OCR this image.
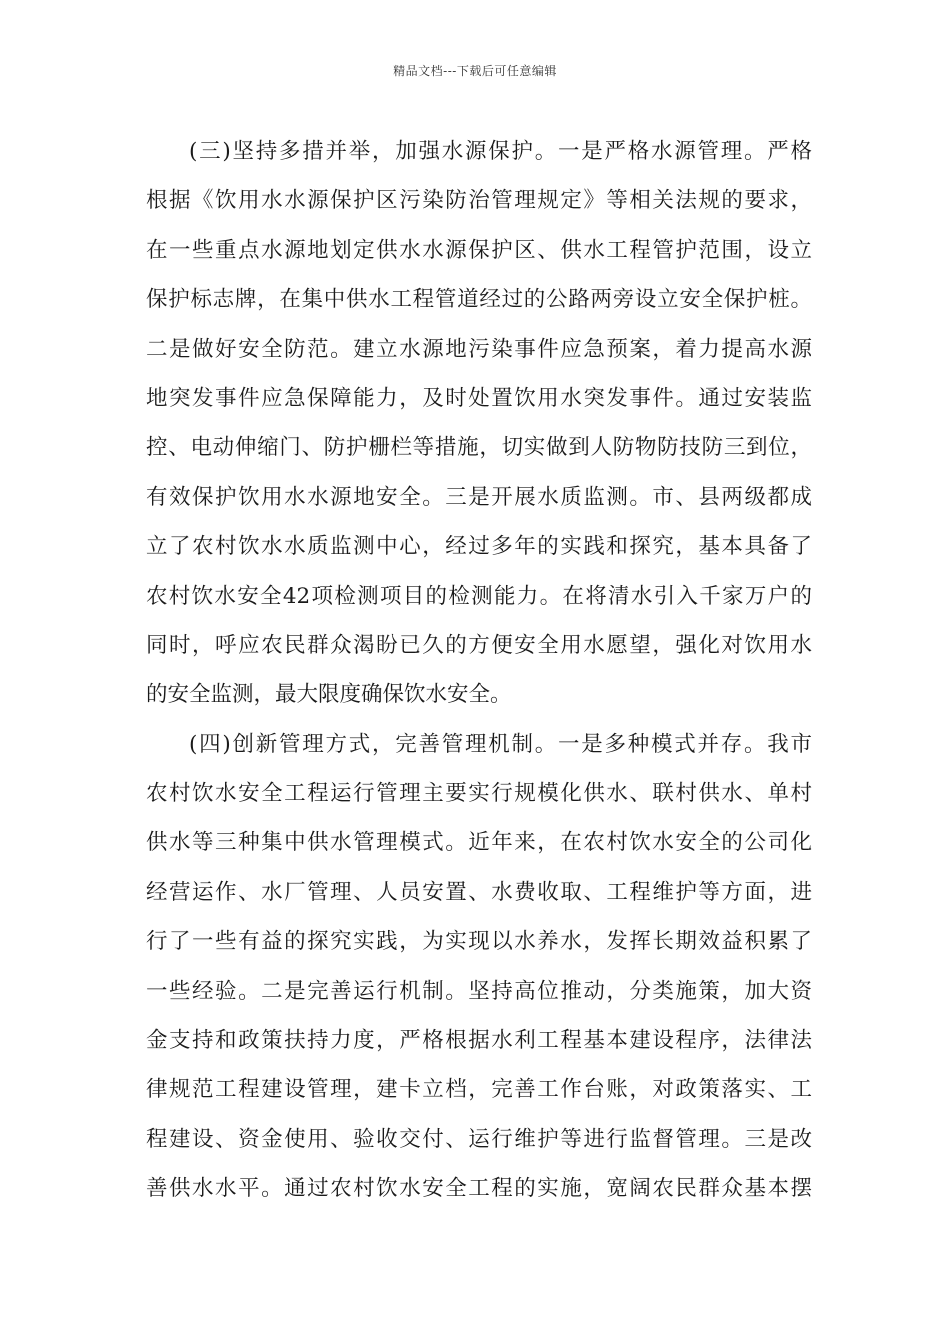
精品文档---下载后可任意编辑
(三)坚持多措并举，加强水源保护。一是严格水源管理。严格
根据《饮用水水源保护区污染防治管理规定》等相关法规的要求，
在一些重点水源地划定供水水源保护区、供水工程管护范围，设立
保护标志牌，在集中供水工程管道经过的公路两旁设立安全保护桩。
二是做好安全防范。建立水源地污染事件应急预案，着力提高水源
地突发事件应急保障能力，及时处置饮用水突发事件。通过安装监
控、电动伸缩门、防护栅栏等措施，切实做到人防物防技防三到位，
有效保护饮用水水源地安全。三是开展水质监测。市、县两级都成
立了农村饮水水质监测中心，经过多年的实践和探究，基本具备了
农村饮水安全42项检测项目的检测能力。在将清水引入千家万户的
同时，呼应农民群众渴盼已久的方便安全用水愿望，强化对饮用水
的安全监测，最大限度确保饮水安全。
(四)创新管理方式，完善管理机制。一是多种模式并存。我市
农村饮水安全工程运行管理主要实行规模化供水、联村供水、单村
供水等三种集中供水管理模式。近年来，在农村饮水安全的公司化
经营运作、水厂管理、人员安置、水费收取、工程维护等方面，进
行了一些有益的探究实践，为实现以水养水，发挥长期效益积累了
一些经验。二是完善运行机制。坚持高位推动，分类施策，加大资
金支持和政策扶持力度，严格根据水利工程基本建设程序，法律法
律规范工程建设管理，建卡立档，完善工作台账，对政策落实、工
程建设、资金使用、验收交付、运行维护等进行监督管理。三是改
善供水水平。通过农村饮水安全工程的实施，宽阔农民群众基本摆
